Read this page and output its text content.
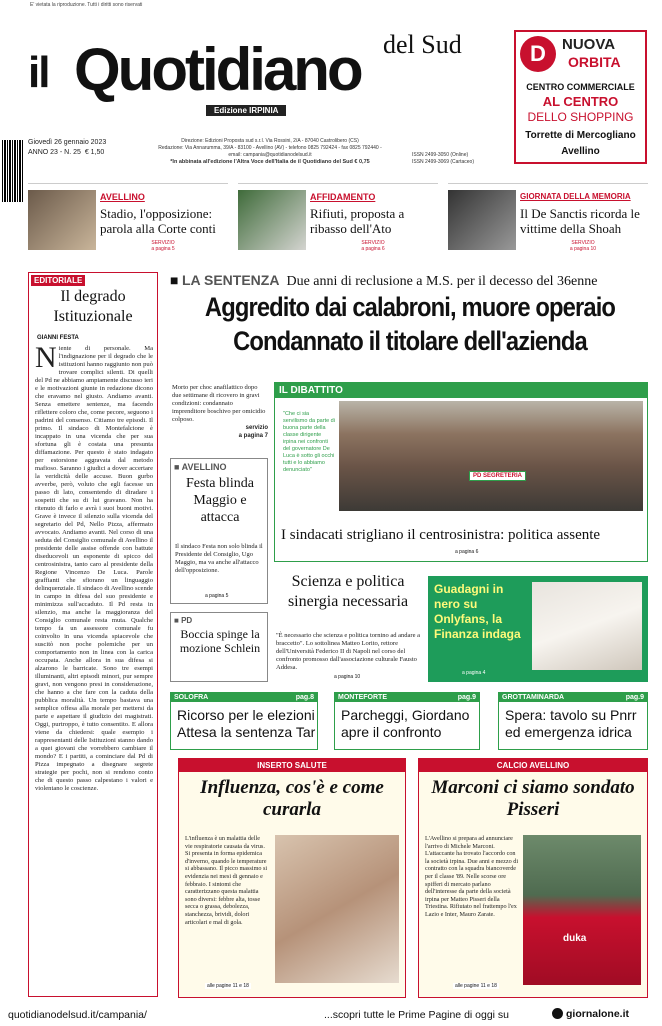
E' vietata la riproduzione. Tutti i diritti sono riservati
il Quotidiano del Sud
Edizione IRPINIA
D	NUOVA
ORBITA
CENTRO COMMERCIALE
AL CENTRO
DELLO SHOPPING
Torrette di Mercogliano
Avellino
Giovedì 26 gennaio 2023
ANNO 23 - N. 25 € 1,50
Direzione: Edizioni Proposta sud s.r.l. Via Rossini, 2/A - 87040 Castrolibero (CS)
Redazione: Via Annarumma, 39/A - 83100 - Avellino (AV) - telefono 0825 792424 - fax 0825 792440 -
email: campania@quotidianodelsud.it
*In abbinata all'edizione l'Altra Voce dell'Italia de il Quotidiano del Sud € 0,75
ISSN 2499-3050 (Online)
ISSN 2499-3069 (Cartaceo)
AVELLINO
Stadio, l'opposizione: parola alla Corte conti
SERVIZIO
a pagina 5
AFFIDAMENTO
Rifiuti, proposta a ribasso dell'Ato
SERVIZIO
a pagina 6
GIORNATA DELLA MEMORIA
Il De Sanctis ricorda le vittime della Shoah
SERVIZIO
a pagina 10
EDITORIALE
Il degrado Istituzionale
GIANNI FESTA
Niente di personale. Ma l'indignazione per il degrado che le istituzioni hanno raggiunto non può trovare complici silenti. Di quelli del Pd ne abbiamo ampiamente discusso ieri e le motivazioni giunte in redazione dicono che eravamo nel giusto. Andiamo avanti. Senza emettere sentenze, ma facendo riflettere coloro che, come pecore, seguono i padrini del consenso. Citiamo tre episodi. Il primo. Il sindaco di Montefalcione è incappato in una vicenda che per sua sfortuna gli è costata una presunta diffamazione. Per questo è stato indagato per estorsione aggravata dal metodo mafioso. Saranno i giudici a dover accertare la veridicità delle accuse. Buon gurbo avverbe, però, voluto che egli facesse un passo di lato, consentendo di diradare i sospetti che su di lui gravano. Non ha ritenuto di farlo e avrà i suoi buoni motivi. Grave è invece il silenzio sulla vicenda del segretario del Pd, Nello Pizza, affermato avvocato. Andiamo avanti. Nel corso di una seduta del Consiglio comunale di Avellino il presidente delle assise offende con battute diseducevoli un esponente di spicco del centrosinistra, tanto caro al presidente della Regione Vincenzo De Luca. Parole graffianti che sfiorano un linguaggio delinquenziale. Il sindaco di Avellino scende in campo in difesa del suo presidente e minimizza sull'accaduto. Il Pd resta in silenzio, ma anche la maggioranza del Consiglio comunale resta muta. Qualche tempo fa un assessore comunale fu coinvolto in una vicenda spiacevole che suscitò non poche polemiche per un comportamento non in linea con la carica occupata. Anche allora in sua difesa si alzarono le barricate. Sono tre esempi illuminanti, altri episodi minori, pur sempre gravi, non vengono presi in considerazione, che hanno a che fare con la caduta della pubblica moralità. Un tempo bastava una semplice offesa alla morale per mettersi da parte e aspettare il giudizio dei magistrati. Oggi, purtroppo, è tutto consentito. E allora viene da chiedersi: quale esempio i rappresentanti delle Istituzioni stanno dando a quei giovani che vorrebbero cambiare il mondo? E i partiti, a cominciare dal Pd di Pizza impegnato a disegnare segrete strategie per pochi, non si rendono conto che di questo passo calpestano i valori e violentano le coscienze.
■ LA SENTENZA Due anni di reclusione a M.S. per il decesso del 36enne
Aggredito dai calabroni, muore operaio
Condannato il titolare dell'azienda
Morto per choc anafilattico dopo due settimane di ricovero in gravi condizioni: condannato imprenditore boschivo per omicidio colposo.
servizio
a pagina 7
■ AVELLINO
Festa blinda Maggio e attacca
Il sindaco Festa non solo blinda il Presidente del Consiglio, Ugo Maggio, ma va anche all'attacco dell'opposizione.
a pagina 5
■ PD
Boccia spinge la mozione Schlein
IL DIBATTITO
"Che ci sia servilismo da parte di buona parte della classe dirigente irpina nei confronti del governatore De Luca è sotto gli occhi tutti e lo abbiamo denunciato"
PD SEGRETERIA
I sindacati strigliano il centrosinistra: politica assente
a pagina 6
Scienza e politica sinergia necessaria
"È necessario che scienza e politica tornino ad andare a braccetto". Lo sottolinea Matteo Lorito, rettore dell'Università Federico II di Napoli nel corso del confronto promosso dall'associazione culturale Fausto Addesa.
a pagina 10
Guadagni in nero su Onlyfans, la Finanza indaga
a pagina 4
SOLOFRA	pag.8
Ricorso per le elezioni Attesa la sentenza Tar
MONTEFORTE	pag.9
Parcheggi, Giordano apre il confronto
GROTTAMINARDA	pag.9
Spera: tavolo su Pnrr ed emergenza idrica
INSERTO SALUTE
Influenza, cos'è e come curarla
L'influenza è un malattia delle vie respiratorie causata da virus. Si presenta in forma epidemica d'inverno, quando le temperature si abbassano. Il picco massimo si evidenzia nei mesi di gennaio e febbraio. I sintomi che caratterizzano questa malattia sono diversi: febbre alta, tosse secca o grassa, debolezza, stanchezza, brividi, dolori articolari e mal di gola.
alle pagine 11 e 18
CALCIO AVELLINO
Marconi ci siamo sondato Pisseri
L'Avellino si prepara ad annunciare l'arrivo di Michele Marconi. L'attaccante ha trovato l'accordo con la società irpina. Due anni e mezzo di contratto con la squadra biancoverde per il classe '89. Nelle scorse ore spifferi di mercato parlano dell'interesse da parte della società irpina per Matteo Pisseri della Triestina. Rifiutato nel frattempo l'ex Lazio e Inter, Mauro Zarate.
duka
alle pagine 11 e 18
quotidianodelsud.it/campania/	...scopri tutte le Prime Pagine di oggi su	giornalone.it
